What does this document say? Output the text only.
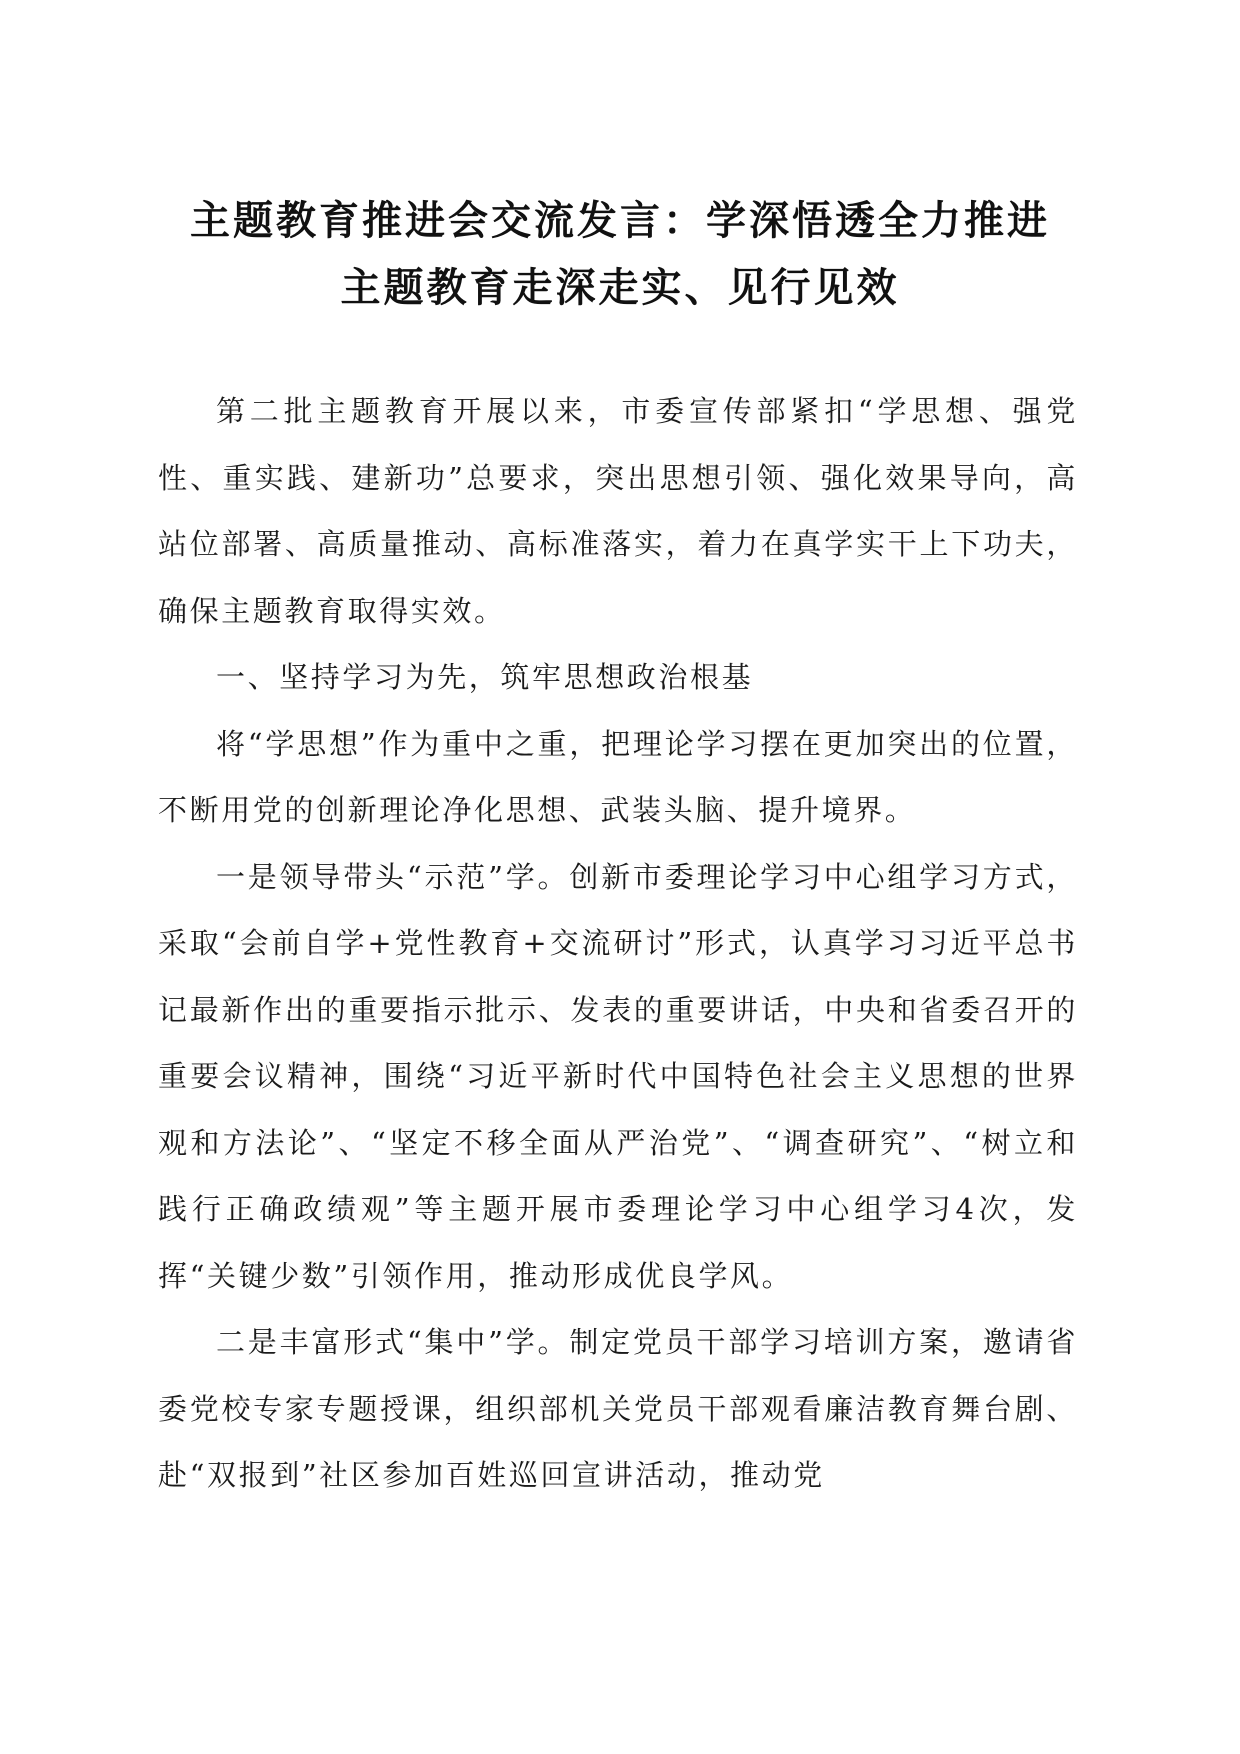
主题教育推进会交流发言：学深悟透全力推进
主题教育走深走实、见行见效

第二批主题教育开展以来，市委宣传部紧扣“学思想、强党性、重实践、建新功”总要求，突出思想引领、强化效果导向，高站位部署、高质量推动、高标准落实，着力在真学实干上下功夫，确保主题教育取得实效。

一、坚持学习为先，筑牢思想政治根基

将“学思想”作为重中之重，把理论学习摆在更加突出的位置，不断用党的创新理论净化思想、武装头脑、提升境界。

一是领导带头“示范”学。创新市委理论学习中心组学习方式，采取“会前自学+党性教育+交流研讨”形式，认真学习习近平总书记最新作出的重要指示批示、发表的重要讲话，中央和省委召开的重要会议精神，围绕“习近平新时代中国特色社会主义思想的世界观和方法论”、“坚定不移全面从严治党”、“调查研究”、“树立和践行正确政绩观”等主题开展市委理论学习中心组学习4次，发挥“关键少数”引领作用，推动形成优良学风。

二是丰富形式“集中”学。制定党员干部学习培训方案，邀请省委党校专家专题授课，组织部机关党员干部观看廉洁教育舞台剧、赴“双报到”社区参加百姓巡回宣讲活动，推动党
